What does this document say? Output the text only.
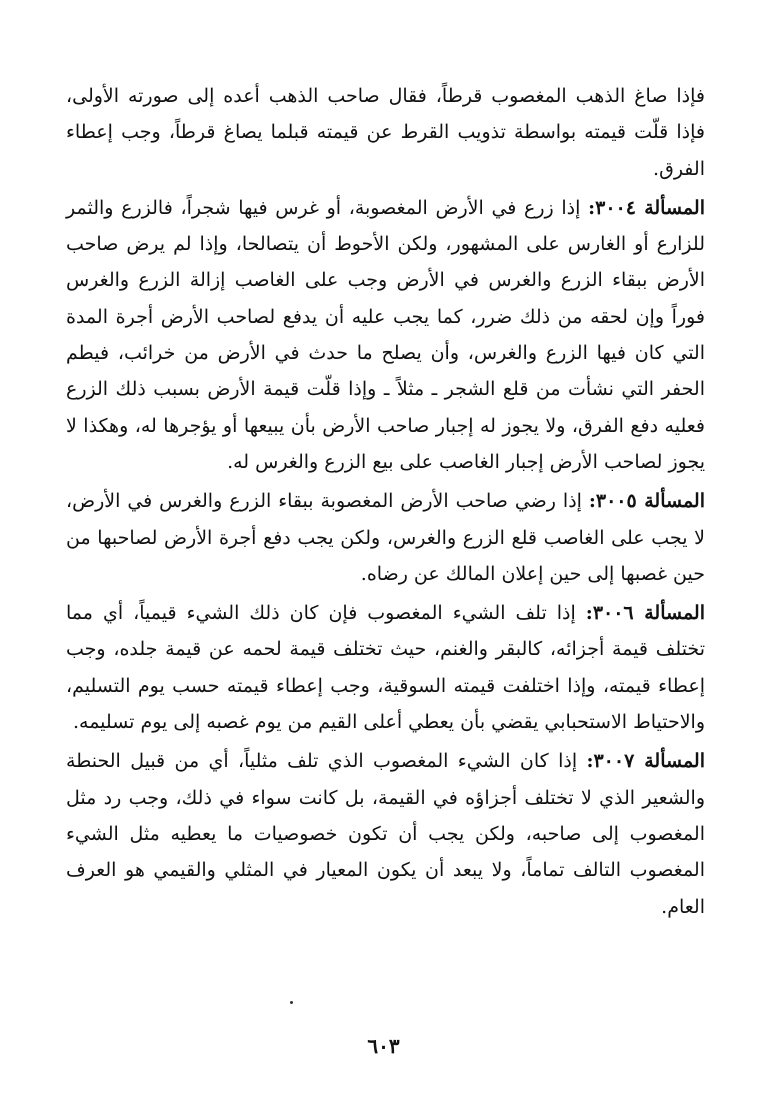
فإذا صاغ الذهب المغصوب قرطاً، فقال صاحب الذهب أعده إلى صورته الأولى، فإذا قلّت قيمته بواسطة تذويب القرط عن قيمته قبلما يصاغ قرطاً، وجب إعطاء الفرق.

المسألة ٣٠٠٤: إذا زرع في الأرض المغصوبة، أو غرس فيها شجراً، فالزرع والثمر للزارع أو الغارس على المشهور، ولكن الأحوط أن يتصالحا، وإذا لم يرض صاحب الأرض ببقاء الزرع والغرس في الأرض وجب على الغاصب إزالة الزرع والغرس فوراً وإن لحقه من ذلك ضرر، كما يجب عليه أن يدفع لصاحب الأرض أجرة المدة التي كان فيها الزرع والغرس، وأن يصلح ما حدث في الأرض من خرائب، فيطم الحفر التي نشأت من قلع الشجر ـ مثلاً ـ وإذا قلّت قيمة الأرض بسبب ذلك الزرع فعليه دفع الفرق، ولا يجوز له إجبار صاحب الأرض بأن يبيعها أو يؤجرها له، وهكذا لا يجوز لصاحب الأرض إجبار الغاصب على بيع الزرع والغرس له.

المسألة ٣٠٠٥: إذا رضي صاحب الأرض المغصوبة ببقاء الزرع والغرس في الأرض، لا يجب على الغاصب قلع الزرع والغرس، ولكن يجب دفع أجرة الأرض لصاحبها من حين غصبها إلى حين إعلان المالك عن رضاه.

المسألة ٣٠٠٦: إذا تلف الشيء المغصوب فإن كان ذلك الشيء قيمياً، أي مما تختلف قيمة أجزائه، كالبقر والغنم، حيث تختلف قيمة لحمه عن قيمة جلده، وجب إعطاء قيمته، وإذا اختلفت قيمته السوقية، وجب إعطاء قيمته حسب يوم التسليم، والاحتياط الاستحبابي يقضي بأن يعطي أعلى القيم من يوم غصبه إلى يوم تسليمه.

المسألة ٣٠٠٧: إذا كان الشيء المغصوب الذي تلف مثلياً، أي من قبيل الحنطة والشعير الذي لا تختلف أجزاؤه في القيمة، بل كانت سواء في ذلك، وجب رد مثل المغصوب إلى صاحبه، ولكن يجب أن تكون خصوصيات ما يعطيه مثل الشيء المغصوب التالف تماماً، ولا يبعد أن يكون المعيار في المثلي والقيمي هو العرف العام.

٦٠٣
